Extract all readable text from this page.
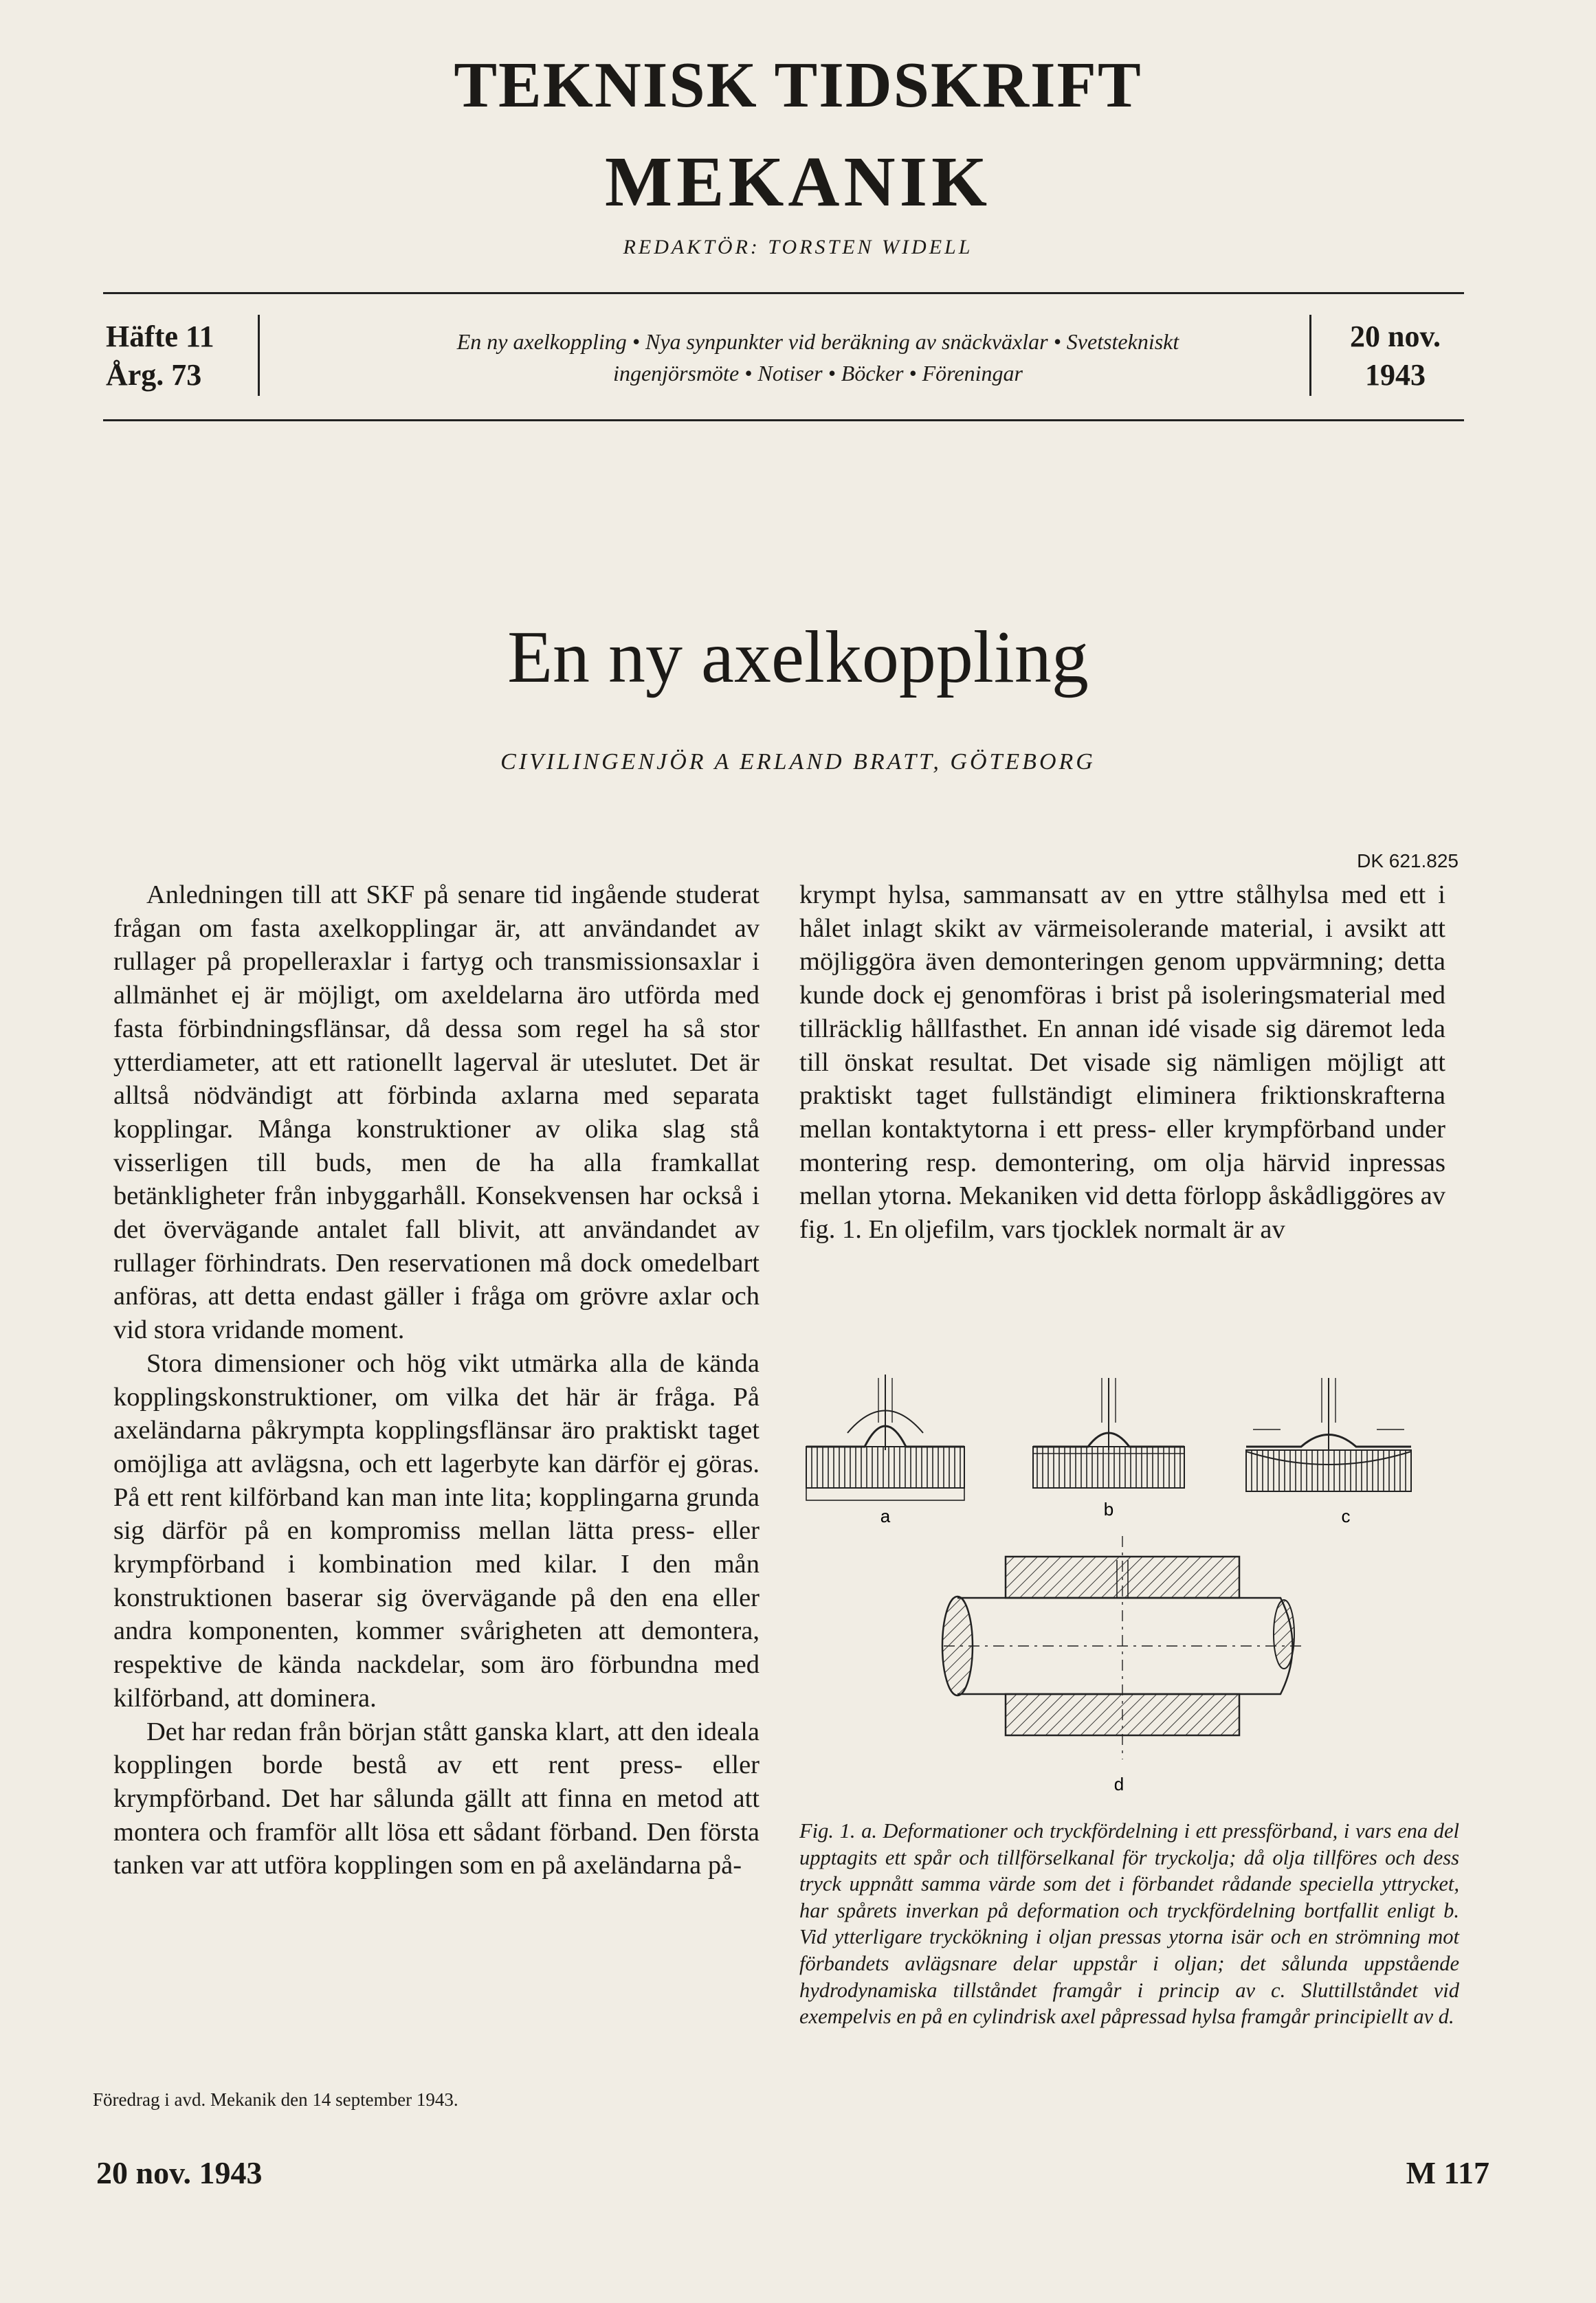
TEKNISK TIDSKRIFT
MEKANIK
REDAKTÖR: TORSTEN WIDELL
Häfte 11
Årg. 73
En ny axelkoppling • Nya synpunkter vid beräkning av snäckväxlar • Svetstekniskt
ingenjörsmöte • Notiser • Böcker • Föreningar
20 nov.
1943
En ny axelkoppling
CIVILINGENJÖR A ERLAND BRATT, GÖTEBORG
DK 621.825

Anledningen till att SKF på senare tid ingående studerat frågan om fasta axelkopplingar är, att användandet av rullager på propelleraxlar i fartyg och transmissionsaxlar i allmänhet ej är möjligt, om axeldelarna äro utförda med fasta förbindningsflänsar, då dessa som regel ha så stor ytterdiameter, att ett rationellt lagerval är uteslutet. Det är alltså nödvändigt att förbinda axlarna med separata kopplingar. Många konstruktioner av olika slag stå visserligen till buds, men de ha alla framkallat betänkligheter från inbyggarhåll. Konsekvensen har också i det övervägande antalet fall blivit, att användandet av rullager förhindrats. Den reservationen må dock omedelbart anföras, att detta endast gäller i fråga om grövre axlar och vid stora vridande moment.

Stora dimensioner och hög vikt utmärka alla de kända kopplingskonstruktioner, om vilka det här är fråga. På axeländarna påkrympta kopplingsflänsar äro praktiskt taget omöjliga att avlägsna, och ett lagerbyte kan därför ej göras. På ett rent kilförband kan man inte lita; kopplingarna grunda sig därför på en kompromiss mellan lätta press- eller krympförband i kombination med kilar. I den mån konstruktionen baserar sig övervägande på den ena eller andra komponenten, kommer svårigheten att demontera, respektive de kända nackdelar, som äro förbundna med kilförband, att dominera.

Det har redan från början stått ganska klart, att den ideala kopplingen borde bestå av ett rent press- eller krympförband. Det har sålunda gällt att finna en metod att montera och framför allt lösa ett sådant förband. Den första tanken var att utföra kopplingen som en på axeländarna på-

krympt hylsa, sammansatt av en yttre stålhylsa med ett i hålet inlagt skikt av värmeisolerande material, i avsikt att möjliggöra även demonteringen genom uppvärmning; detta kunde dock ej genomföras i brist på isoleringsmaterial med tillräcklig hållfasthet. En annan idé visade sig däremot leda till önskat resultat. Det visade sig nämligen möjligt att praktiskt taget fullständigt eliminera friktionskrafterna mellan kontaktytorna i ett press- eller krympförband under montering resp. demontering, om olja härvid inpressas mellan ytorna. Mekaniken vid detta förlopp åskådliggöres av fig. 1. En oljefilm, vars tjocklek normalt är av

a	b	c
d
Fig. 1. a. Deformationer och tryckfördelning i ett pressförband, i vars ena del upptagits ett spår och tillförselkanal för tryckolja; då olja tillföres och dess tryck uppnått samma värde som det i förbandet rådande speciella yttrycket, har spårets inverkan på deformation och tryckfördelning bortfallit enligt b. Vid ytterligare tryckökning i oljan pressas ytorna isär och en strömning mot förbandets avlägsnare delar uppstår i oljan; det sålunda uppstående hydrodynamiska tillståndet framgår i princip av c. Sluttillståndet vid exempelvis en på en cylindrisk axel påpressad hylsa framgår principiellt av d.
Föredrag i avd. Mekanik den 14 september 1943.
20 nov. 1943	M 117
